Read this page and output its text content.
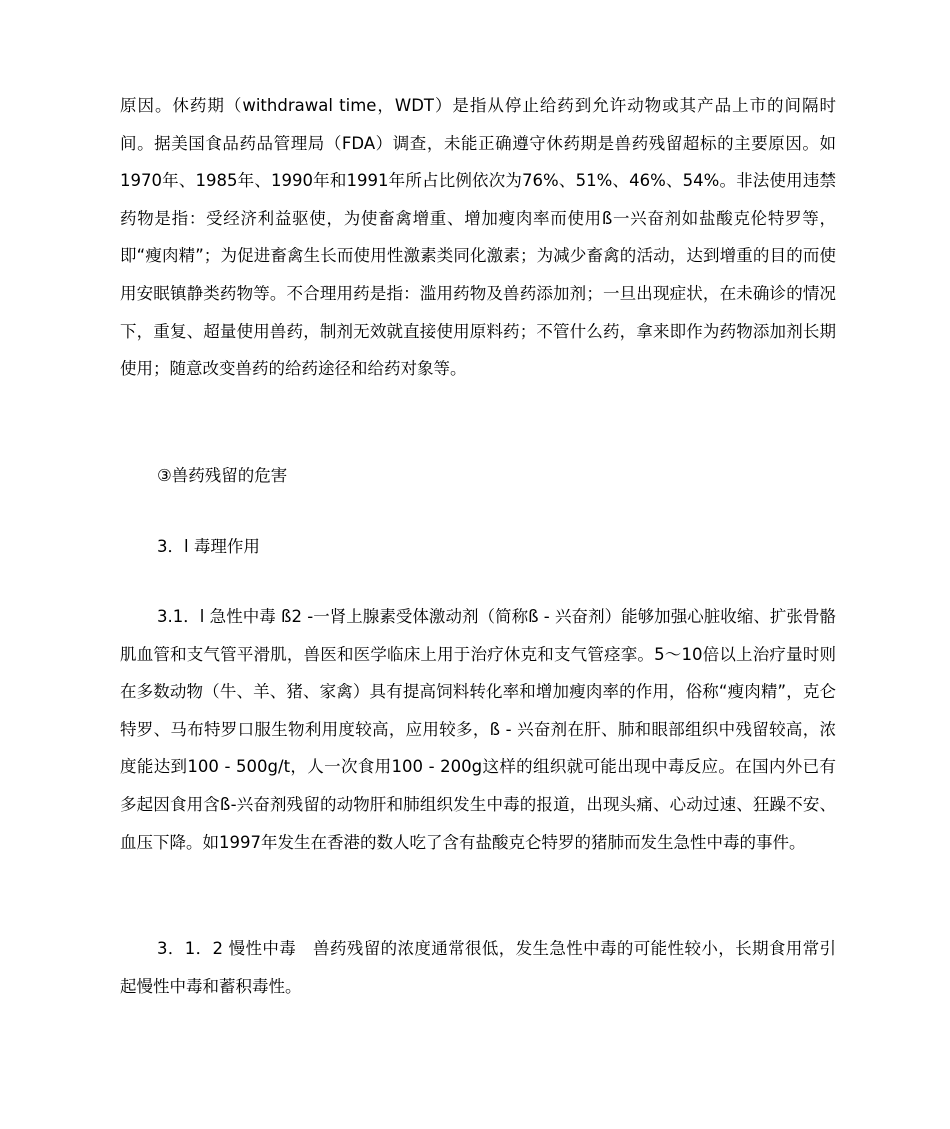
原因。休药期（withdrawal time，WDT）是指从停止给药到允许动物或其产品上市的间隔时间。据美国食品药品管理局（FDA）调查，未能正确遵守休药期是兽药残留超标的主要原因。如1970年、1985年、1990年和1991年所占比例依次为76%、51%、46%、54%。非法使用违禁药物是指：受经济利益驱使，为使畜禽增重、增加瘦肉率而使用ß一兴奋剂如盐酸克伦特罗等，即“瘦肉精”；为促进畜禽生长而使用性激素类同化激素；为减少畜禽的活动，达到增重的目的而使用安眠镇静类药物等。不合理用药是指：滥用药物及兽药添加剂；一旦出现症状，在未确诊的情况下，重复、超量使用兽药，制剂无效就直接使用原料药；不管什么药，拿来即作为药物添加剂长期使用；随意改变兽药的给药途径和给药对象等。

③兽药残留的危害

3．l 毒理作用

3.1．l 急性中毒 ß2 -一肾上腺素受体激动剂（简称ß - 兴奋剂）能够加强心脏收缩、扩张骨骼肌血管和支气管平滑肌，兽医和医学临床上用于治疗休克和支气管痉挛。5～10倍以上治疗量时则在多数动物（牛、羊、猪、家禽）具有提高饲料转化率和增加瘦肉率的作用，俗称“瘦肉精”，克仑特罗、马布特罗口服生物利用度较高，应用较多，ß - 兴奋剂在肝、肺和眼部组织中残留较高，浓度能达到100 - 500g/t，人一次食用100 - 200g这样的组织就可能出现中毒反应。在国内外已有多起因食用含ß-兴奋剂残留的动物肝和肺组织发生中毒的报道，出现头痛、心动过速、狂躁不安、血压下降。如1997年发生在香港的数人吃了含有盐酸克仑特罗的猪肺而发生急性中毒的事件。

3．1．2 慢性中毒　兽药残留的浓度通常很低，发生急性中毒的可能性较小，长期食用常引起慢性中毒和蓄积毒性。
